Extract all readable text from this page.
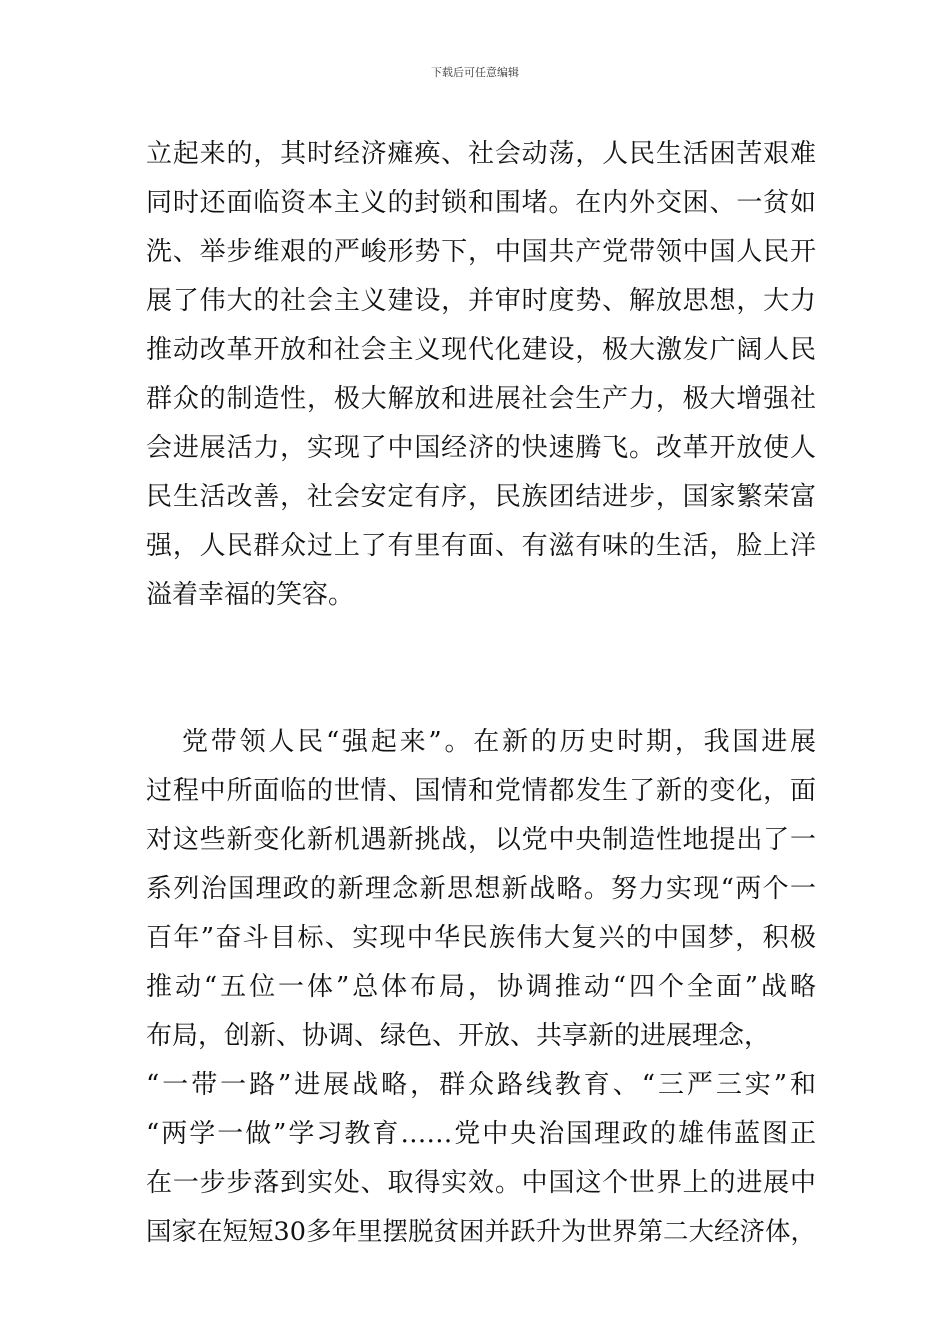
下载后可任意编辑
立起来的，其时经济瘫痪、社会动荡，人民生活困苦艰难
同时还面临资本主义的封锁和围堵。在内外交困、一贫如
洗、举步维艰的严峻形势下，中国共产党带领中国人民开
展了伟大的社会主义建设，并审时度势、解放思想，大力
推动改革开放和社会主义现代化建设，极大激发广阔人民
群众的制造性，极大解放和进展社会生产力，极大增强社
会进展活力，实现了中国经济的快速腾飞。改革开放使人
民生活改善，社会安定有序，民族团结进步，国家繁荣富
强，人民群众过上了有里有面、有滋有味的生活，脸上洋
溢着幸福的笑容。
党带领人民“强起来”。在新的历史时期，我国进展
过程中所面临的世情、国情和党情都发生了新的变化，面
对这些新变化新机遇新挑战，以党中央制造性地提出了一
系列治国理政的新理念新思想新战略。努力实现“两个一
百年”奋斗目标、实现中华民族伟大复兴的中国梦，积极
推动“五位一体”总体布局，协调推动“四个全面”战略
布局，创新、协调、绿色、开放、共享新的进展理念，
“一带一路”进展战略，群众路线教育、“三严三实”和
“两学一做”学习教育……党中央治国理政的雄伟蓝图正
在一步步落到实处、取得实效。中国这个世界上的进展中
国家在短短30多年里摆脱贫困并跃升为世界第二大经济体，
